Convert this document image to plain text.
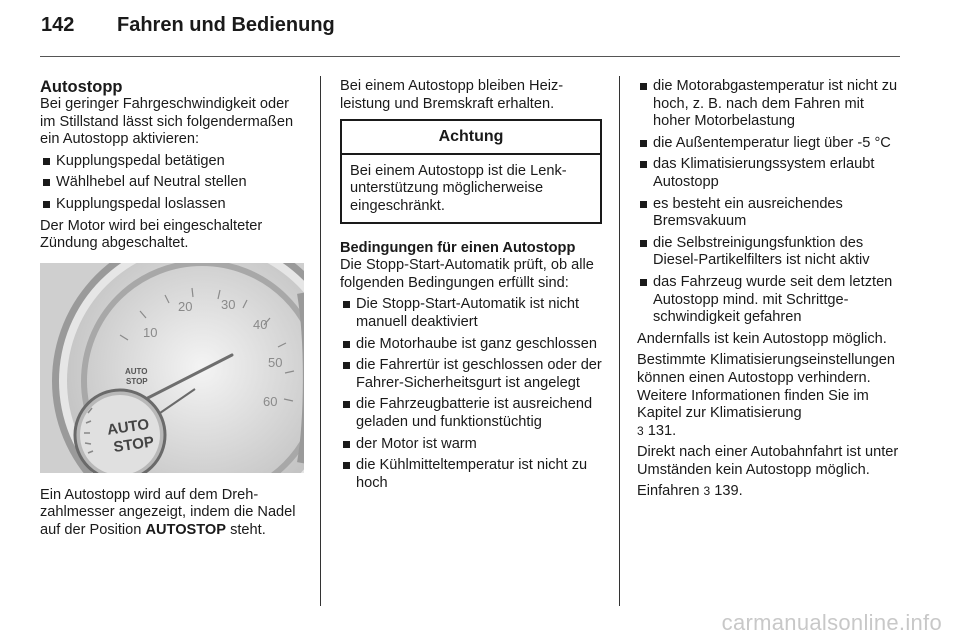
142	Fahren und Bedienung
Autostopp

Bei geringer Fahrgeschwindigkeit oder im Stillstand lässt sich folgendermaßen ein Autostopp aktivieren:

Kupplungspedal betätigen
Wählhebel auf Neutral stellen
Kupplungspedal loslassen

Der Motor wird bei eingeschalteter Zündung abgeschaltet.

10
20 30
40
50
60
AUTO
STOP
AUTO
STOP

Ein Autostopp wird auf dem Drehzahlmesser angezeigt, indem die Nadel auf der Position AUTOSTOP steht.

Bei einem Autostopp bleiben Heizleistung und Bremskraft erhalten.

Achtung
Bei einem Autostopp ist die Lenkunterstützung möglicherweise eingeschränkt.
Bedingungen für einen Autostopp

Die Stopp-Start-Automatik prüft, ob alle folgenden Bedingungen erfüllt sind:

Die Stopp-Start-Automatik ist nicht manuell deaktiviert
die Motorhaube ist ganz geschlossen
die Fahrertür ist geschlossen oder der Fahrer-Sicherheitsgurt ist angelegt
die Fahrzeugbatterie ist ausreichend geladen und funktionstüchtig
der Motor ist warm
die Kühlmitteltemperatur ist nicht zu hoch
die Motorabgastemperatur ist nicht zu hoch, z. B. nach dem Fahren mit hoher Motorbelastung
die Außentemperatur liegt über -5 °C
das Klimatisierungssystem erlaubt Autostopp
es besteht ein ausreichendes Bremsvakuum
die Selbstreinigungsfunktion des Diesel-Partikelfilters ist nicht aktiv
das Fahrzeug wurde seit dem letzten Autostopp mind. mit Schrittgeschwindigkeit gefahren

Andernfalls ist kein Autostopp möglich.

Bestimmte Klimatisierungseinstellungen können einen Autostopp verhindern. Weitere Informationen finden Sie im Kapitel zur Klimatisierung
3 131.

Direkt nach einer Autobahnfahrt ist unter Umständen kein Autostopp möglich.

Einfahren 3 139.

carmanualsonline.info
